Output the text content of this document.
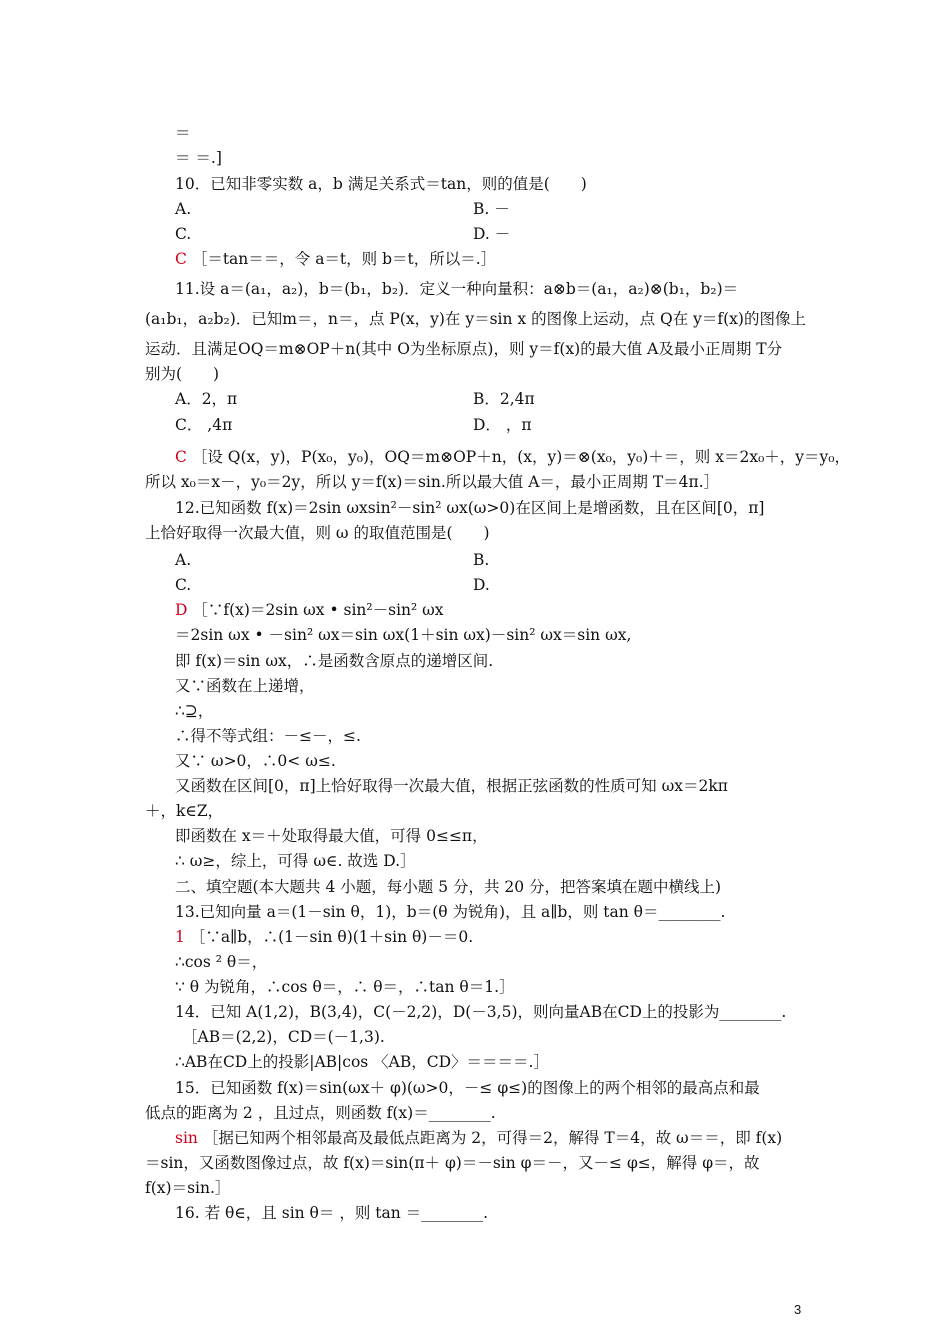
＝
＝ ＝.]
10．已知非零实数 a，b 满足关系式＝tan，则的值是(　　)
A.	B. －
C.	D. －
C ［＝tan＝＝，令 a＝t，则 b＝t，所以＝.］
11.设 a＝(a₁，a₂)，b＝(b₁，b₂)．定义一种向量积：a⊗b＝(a₁，a₂)⊗(b₁，b₂)＝
(a₁b₁，a₂b₂)．已知m＝，n＝，点 P(x，y)在 y＝sin x 的图像上运动，点 Q在 y＝f(x)的图像上
运动．且满足OQ＝m⊗OP＋n(其中 O为坐标原点)，则 y＝f(x)的最大值 A及最小正周期 T分
别为(　　)
A．2，π	B．2,4π
C． ,4π	D． ，π
C ［设 Q(x，y)，P(x₀，y₀)，OQ＝m⊗OP＋n，(x，y)＝⊗(x₀，y₀)＋＝，则 x＝2x₀＋，y＝y₀，
所以 x₀＝x－，y₀＝2y，所以 y＝f(x)＝sin.所以最大值 A＝，最小正周期 T＝4π.］
12.已知函数 f(x)＝2sin ωxsin²－sin² ωx(ω>0)在区间上是增函数，且在区间[0，π]
上恰好取得一次最大值，则 ω 的取值范围是(　　)
A.	B.
C.	D.
D ［∵f(x)＝2sin ωx • sin²－sin² ωx
＝2sin ωx • －sin² ωx＝sin ωx(1＋sin ωx)－sin² ωx＝sin ωx,
即 f(x)＝sin ωx，∴是函数含原点的递增区间.
又∵函数在上递增，
∴⊇，
∴得不等式组：－≤－，≤.
又∵ ω>0，∴0< ω≤.
又函数在区间[0，π]上恰好取得一次最大值，根据正弦函数的性质可知 ωx＝2kπ
＋，k∈Z，
即函数在 x＝＋处取得最大值，可得 0≤≤π，
∴ ω≥，综上，可得 ω∈. 故选 D.］
二、填空题(本大题共 4 小题，每小题 5 分，共 20 分，把答案填在题中横线上)
13.已知向量 a＝(1－sin θ，1)，b＝(θ 为锐角)，且 a∥b，则 tan θ＝________.
1 ［∵a∥b，∴(1－sin θ)(1＋sin θ)－＝0.
∴cos ² θ＝，
∵ θ 为锐角，∴cos θ＝，∴ θ＝，∴tan θ＝1.］
14．已知 A(1,2)，B(3,4)，C(－2,2)，D(－3,5)，则向量AB在CD上的投影为________.
［AB＝(2,2)，CD＝(－1,3).
∴AB在CD上的投影|AB|cos 〈AB，CD〉＝＝＝＝.］
15．已知函数 f(x)＝sin(ωx＋ φ)(ω>0，－≤ φ≤)的图像上的两个相邻的最高点和最
低点的距离为 2 ，且过点，则函数 f(x)＝________.
sin ［据已知两个相邻最高及最低点距离为 2，可得＝2，解得 T＝4，故 ω＝＝，即 f(x)
＝sin，又函数图像过点，故 f(x)＝sin(π＋ φ)＝－sin φ＝－，又－≤ φ≤，解得 φ＝，故
f(x)＝sin.］
16. 若 θ∈，且 sin θ＝ ，则 tan ＝________.
3
